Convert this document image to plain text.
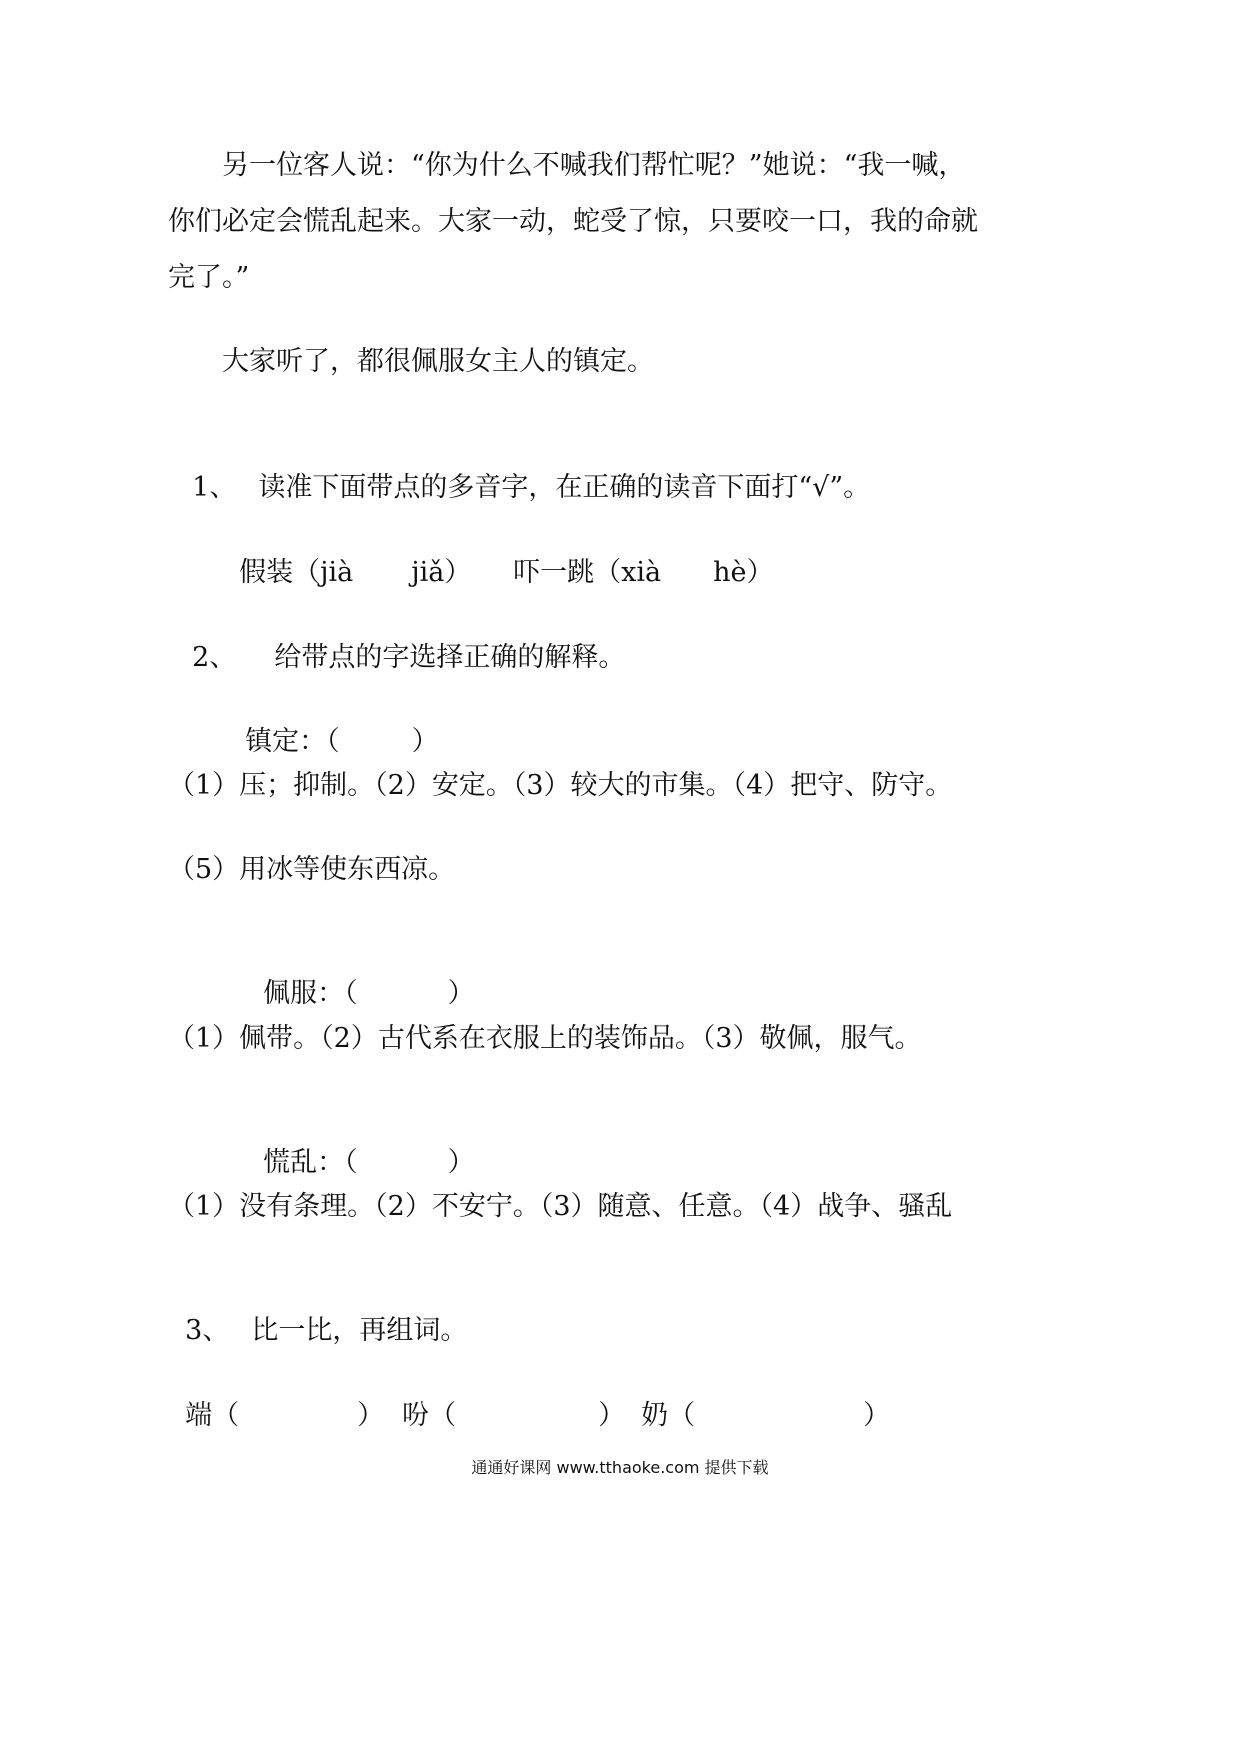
另一位客人说：“你为什么不喊我们帮忙呢？”她说：“我一喊，
你们必定会慌乱起来。大家一动，蛇受了惊，只要咬一口，我的命就
完了。”
大家听了，都很佩服女主人的镇定。

1、 读准下面带点的多音字，在正确的读音下面打“√”。

假装（jià jiǎ）	吓一跳（xià hè）

2、 给带点的字选择正确的解释。

镇定：（	）

（1）压；抑制。（2）安定。（3）较大的市集。（4）把守、防守。
（5）用冰等使东西凉。

佩服：（	）

（1）佩带。（2）古代系在衣服上的装饰品。（3）敬佩，服气。

慌乱：（	）

（1）没有条理。（2）不安宁。（3）随意、任意。（4）战争、骚乱

3、 比一比，再组词。

端（	） 吩（	） 奶（	）

通通好课网 www.tthaoke.com 提供下载
